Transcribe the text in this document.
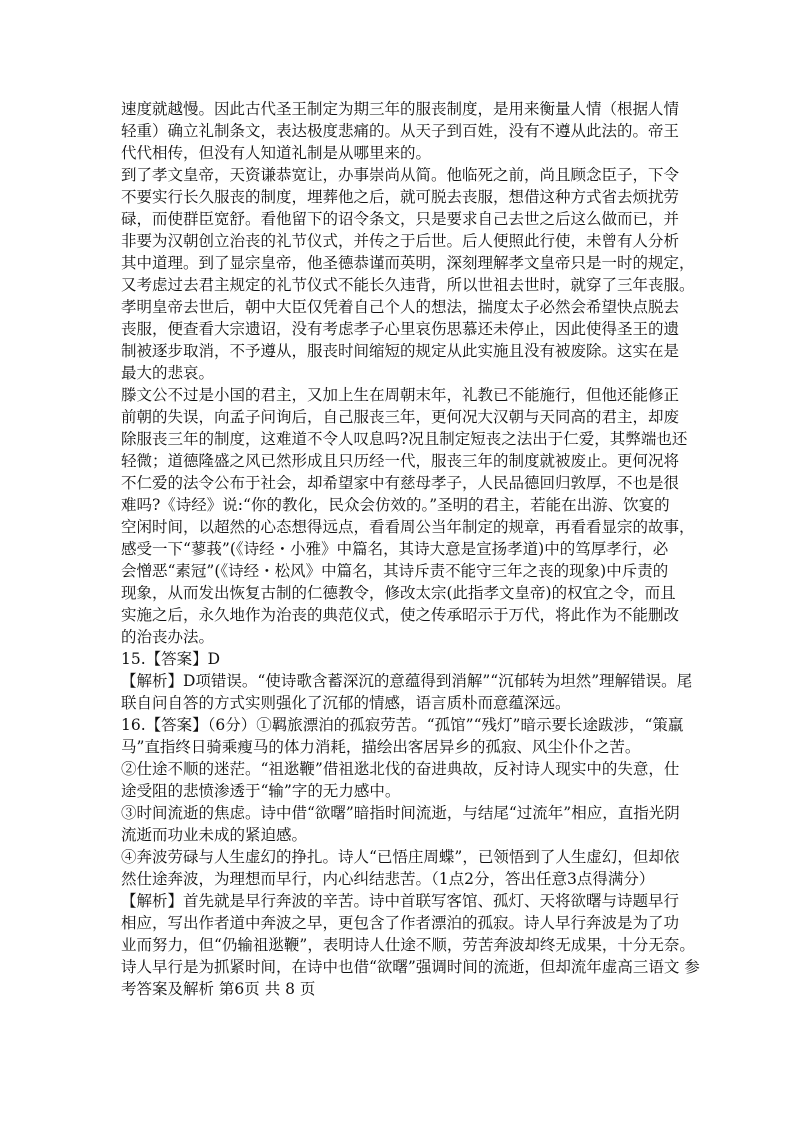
速度就越慢。因此古代圣王制定为期三年的服丧制度，是用来衡量人情（根据人情
轻重）确立礼制条文，表达极度悲痛的。从天子到百姓，没有不遵从此法的。帝王
代代相传，但没有人知道礼制是从哪里来的。
到了孝文皇帝，天资谦恭宽让，办事崇尚从简。他临死之前，尚且顾念臣子，下令
不要实行长久服丧的制度，埋葬他之后，就可脱去丧服，想借这种方式省去烦扰劳
碌，而使群臣宽舒。看他留下的诏令条文，只是要求自己去世之后这么做而已，并
非要为汉朝创立治丧的礼节仪式，并传之于后世。后人便照此行使，未曾有人分析
其中道理。到了显宗皇帝，他圣德恭谨而英明，深刻理解孝文皇帝只是一时的规定，
又考虑过去君主规定的礼节仪式不能长久违背，所以世祖去世时，就穿了三年丧服。
孝明皇帝去世后，朝中大臣仅凭着自己个人的想法，揣度太子必然会希望快点脱去
丧服，便查看大宗遗诏，没有考虑孝子心里哀伤思慕还未停止，因此使得圣王的遗
制被逐步取消，不予遵从，服丧时间缩短的规定从此实施且没有被废除。这实在是
最大的悲哀。
滕文公不过是小国的君主，又加上生在周朝末年，礼教已不能施行，但他还能修正
前朝的失误，向孟子问询后，自己服丧三年，更何况大汉朝与天同高的君主，却废
除服丧三年的制度，这难道不令人叹息吗?况且制定短丧之法出于仁爱，其弊端也还
轻微；道德隆盛之风已然形成且只历经一代，服丧三年的制度就被废止。更何况将
不仁爱的法令公布于社会，却希望家中有慈母孝子，人民品德回归敦厚，不也是很
难吗?《诗经》说:“你的教化，民众会仿效的。”圣明的君主，若能在出游、饮宴的
空闲时间，以超然的心态想得远点，看看周公当年制定的规章，再看看显宗的故事，
感受一下“蓼莪”(《诗经・小雅》中篇名，其诗大意是宣扬孝道)中的笃厚孝行，必
会憎恶“素冠”(《诗经・松风》中篇名，其诗斥责不能守三年之丧的现象)中斥责的
现象，从而发出恢复古制的仁德教令，修改太宗(此指孝文皇帝)的权宜之令，而且
实施之后，永久地作为治丧的典范仪式，使之传承昭示于万代，将此作为不能删改
的治丧办法。
15.【答案】D
【解析】D项错误。“使诗歌含蓄深沉的意蕴得到消解”“沉郁转为坦然”理解错误。尾
联自问自答的方式实则强化了沉郁的情感，语言质朴而意蕴深远。
16.【答案】（6分）①羁旅漂泊的孤寂劳苦。“孤馆”“残灯”暗示要长途跋涉，“策羸
马”直指终日骑乘瘦马的体力消耗，描绘出客居异乡的孤寂、风尘仆仆之苦。
②仕途不顺的迷茫。“祖逖鞭”借祖逖北伐的奋进典故，反衬诗人现实中的失意，仕
途受阻的悲愤渗透于“输”字的无力感中。
③时间流逝的焦虑。诗中借“欲曙”暗指时间流逝，与结尾“过流年”相应，直指光阴
流逝而功业未成的紧迫感。
④奔波劳碌与人生虚幻的挣扎。诗人“已悟庄周蝶”，已领悟到了人生虚幻，但却依
然仕途奔波，为理想而早行，内心纠结悲苦。（1点2分，答出任意3点得满分）
【解析】首先就是早行奔波的辛苦。诗中首联写客馆、孤灯、天将欲曙与诗题早行
相应，写出作者道中奔波之早，更包含了作者漂泊的孤寂。诗人早行奔波是为了功
业而努力，但“仍输祖逖鞭”，表明诗人仕途不顺，劳苦奔波却终无成果，十分无奈。
诗人早行是为抓紧时间，在诗中也借“欲曙”强调时间的流逝，但却流年虚高三语文 参
考答案及解析 第6页 共 8 页
